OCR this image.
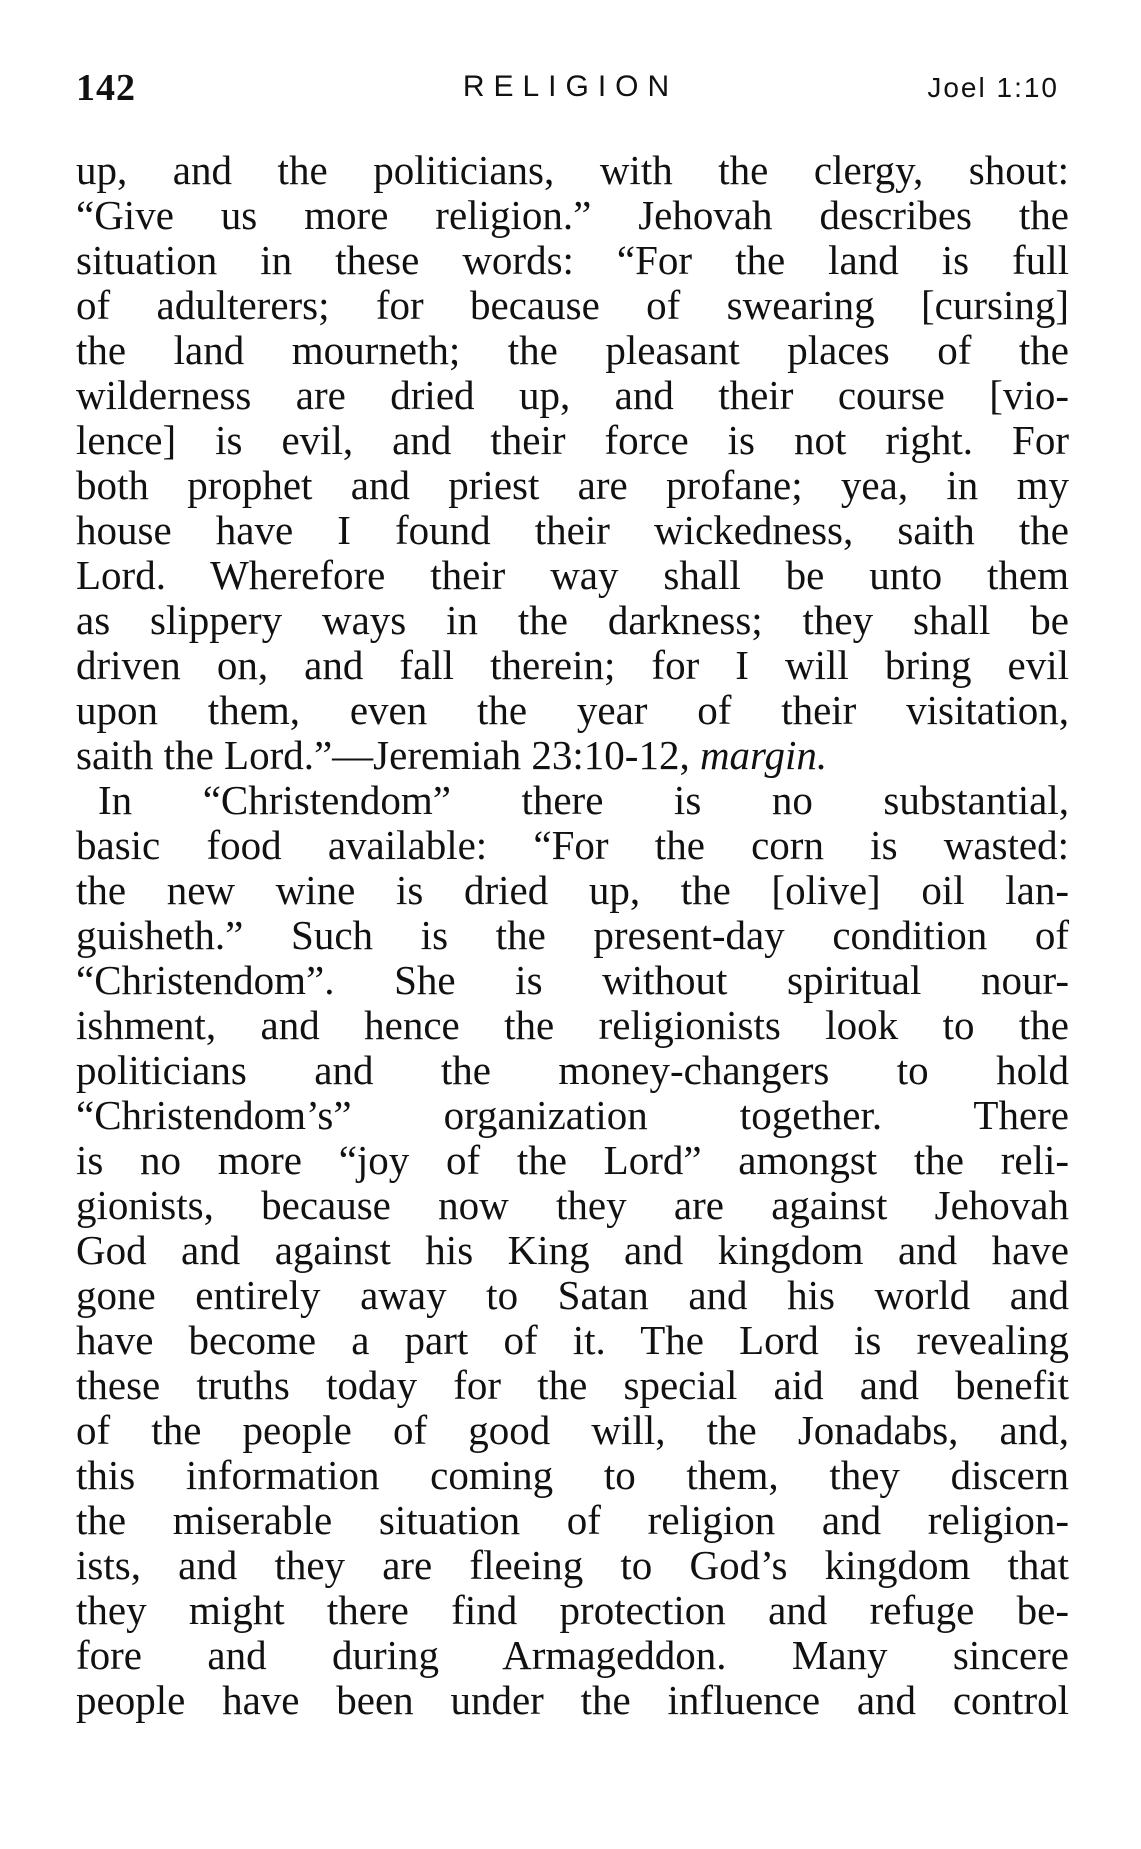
142	RELIGION	Joel 1:10
up, and the politicians, with the clergy, shout:
“Give us more religion.” Jehovah describes the
situation in these words: “For the land is full
of adulterers; for because of swearing [cursing]
the land mourneth; the pleasant places of the
wilderness are dried up, and their course [vio-
lence] is evil, and their force is not right. For
both prophet and priest are profane; yea, in my
house have I found their wickedness, saith the
Lord. Wherefore their way shall be unto them
as slippery ways in the darkness; they shall be
driven on, and fall therein; for I will bring evil
upon them, even the year of their visitation,
saith the Lord.”—Jeremiah 23:10-12, margin.
In “Christendom” there is no substantial,
basic food available: “For the corn is wasted:
the new wine is dried up, the [olive] oil lan-
guisheth.” Such is the present-day condition of
“Christendom”. She is without spiritual nour-
ishment, and hence the religionists look to the
politicians and the money-changers to hold
“Christendom’s” organization together. There
is no more “joy of the Lord” amongst the reli-
gionists, because now they are against Jehovah
God and against his King and kingdom and have
gone entirely away to Satan and his world and
have become a part of it. The Lord is revealing
these truths today for the special aid and benefit
of the people of good will, the Jonadabs, and,
this information coming to them, they discern
the miserable situation of religion and religion-
ists, and they are fleeing to God’s kingdom that
they might there find protection and refuge be-
fore and during Armageddon. Many sincere
people have been under the influence and control
